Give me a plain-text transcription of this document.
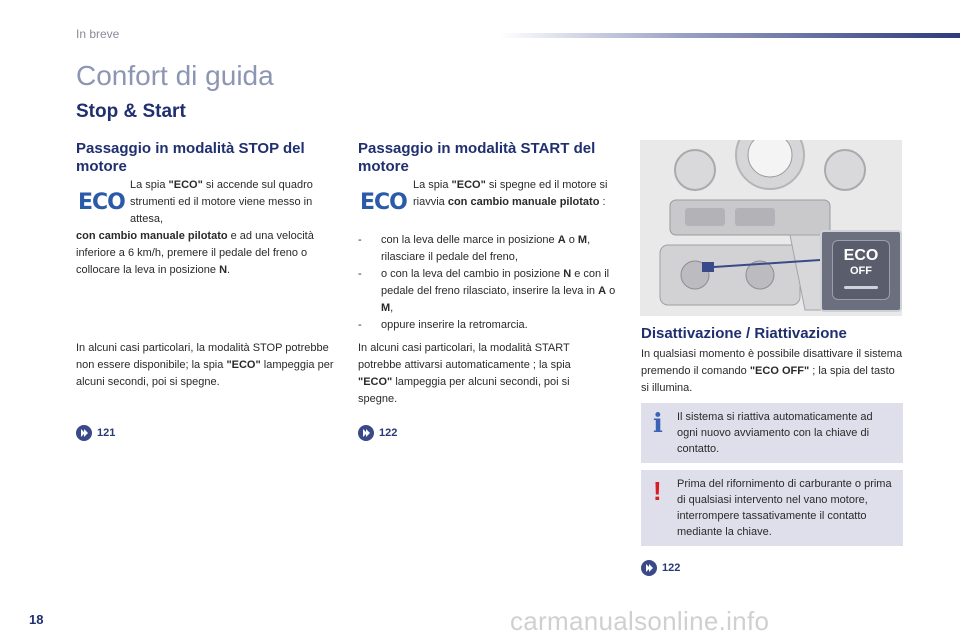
In breve
Confort di guida
Stop & Start
Passaggio in modalità STOP del motore
ECO
La spia "ECO" si accende sul quadro strumenti ed il motore viene messo in attesa,
con cambio manuale pilotato e ad una velocità inferiore a 6 km/h, premere il pedale del freno o collocare la leva in posizione N.
In alcuni casi particolari, la modalità STOP potrebbe non essere disponibile; la spia "ECO" lampeggia per alcuni secondi, poi si spegne.
121
Passaggio in modalità START del motore
ECO
La spia "ECO" si spegne ed il motore si riavvia con cambio manuale pilotato :
- con la leva delle marce in posizione A o M, rilasciare il pedale del freno,
- o con la leva del cambio in posizione N e con il pedale del freno rilasciato, inserire la leva in A o M,
- oppure inserire la retromarcia.
In alcuni casi particolari, la modalità START potrebbe attivarsi automaticamente ; la spia "ECO" lampeggia per alcuni secondi, poi si spegne.
122
ECO
OFF
Disattivazione / Riattivazione
In qualsiasi momento è possibile disattivare il sistema premendo il comando "ECO OFF" ; la spia del tasto si illumina.
i Il sistema si riattiva automaticamente ad ogni nuovo avviamento con la chiave di contatto.
! Prima del rifornimento di carburante o prima di qualsiasi intervento nel vano motore, interrompere tassativamente il contatto mediante la chiave.
122
18	carmanualsonline.info
